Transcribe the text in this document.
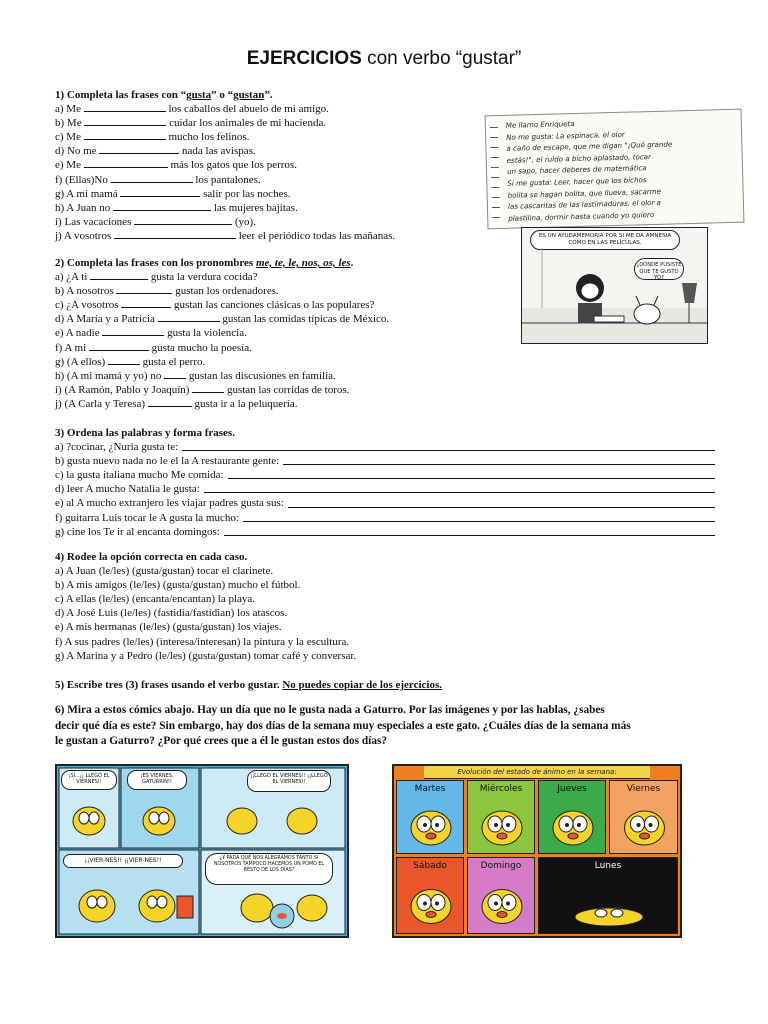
EJERCICIOS con verbo “gustar”
1) Completa las frases con “gusta” o “gustan”.
a) Me	los caballos del abuelo de mi amigo.
b) Me	cuidar los animales de mi hacienda.
c) Me	mucho los felinos.
d) No me	nada las avispas.
e) Me	más los gatos que los perros.
f) (Ellas)No	los pantalones.
g) A mi mamá	salir por las noches.
h) A Juan no	las mujeres bajitas.
i) Las vacaciones	(yo).
j) A vosotros	leer el periódico todas las mañanas.
2) Completa las frases con los pronombres me, te, le, nos, os, les.
a) ¿A ti	gusta la verdura cocida?
b) A nosotros	gustan los ordenadores.
c) ¿A vosotros	gustan las canciones clásicas o las populares?
d) A María y a Patricia	gustan las comidas típicas de México.
e) A nadie	gusta la violencia.
f) A mi	gusta mucho la poesía.
g) (A ellos)	gusta el perro.
h) (A mi mamá y yo) no	gustan las discusiones en familia.
i) (A Ramón, Pablo y Joaquín)	gustan las corridas de toros.
j) (A Carla y Teresa)	gusta ir a la peluquería.
3) Ordena las palabras y forma frases.
a) ?cocinar, ¿Nuria gusta te:
b) gusta nuevo nada no le el la A restaurante gente:
c) la gusta italiana mucho Me comida:
d) leer A mucho Natalia le gusta:
e) al A mucho extranjero les viajar padres gusta sus:
f) guitarra Luis tocar le A gusta la mucho:
g) cine los Te ir al encanta domingos:
4) Rodee la opción correcta en cada caso.
a) A Juan (le/les) (gusta/gustan) tocar el clarinete.
b) A mis amigos (le/les) (gusta/gustan) mucho el fútbol.
c) A ellas (le/les) (encanta/encantan) la playa.
d) A José Luis (le/les) (fastidia/fastidian) los atascos.
e) A mis hermanas (le/les) (gusta/gustan) los viajes.
f) A sus padres (le/les) (interesa/interesan) la pintura y la escultura.
g) A Marina y a Pedro (le/les) (gusta/gustan) tomar café y conversar.
5) Escribe tres (3) frases usando el verbo gustar. No puedes copiar de los ejercicios.
6) Mira a estos cómics abajo. Hay un día que no le gusta nada a Gaturro. Por las imágenes y por las hablas, ¿sabes
decir qué día es este? Sin embargo, hay dos días de la semana muy especiales a este gato. ¿Cuáles días de la semana más
le gustan a Gaturro? ¿Por qué crees que a él le gustan estos dos días?
Me llamo Enriqueta
No me gusta: La espinaca, el olor
a caño de escape, que me digan "¡Qué grande
estás!", el ruido a bicho aplastado, tocar
un sapo, hacer deberes de matemática
Sí me gusta: Leer, hacer que los bichos
bolita se hagan bolita, que llueva, sacarme
las cascaritas de las lastimaduras, el olor a
plastilina, dormir hasta cuando yo quiero
ES UN AYUDAMEMORIA POR SI ME DA AMNESIA COMO EN LAS PELÍCULAS.
¿DÓNDE PUSISTE QUE TE GUSTO YO?
¡SÍ...¡¡ LLEGÓ EL VIERNES!!
¡ES VIERNES, GATURRIN!!
¡¡LLEGÓ EL VIERNES!! ¡¡LLEGÓ EL VIERNES!!
¡¡VIER-NES!! ¡¡VIER-NES!!	¿Y PADA QUÉ NOS ALEGRAMOS TANTO SI NOSOTROS TAMPOCO HACEMOS UN POMO EL RESTO DE LOS DÍAS?
Martes	Miércoles	Jueves	Viernes
Sábado	Domingo	Lunes
Evolución del estado de ánimo en la semana:
